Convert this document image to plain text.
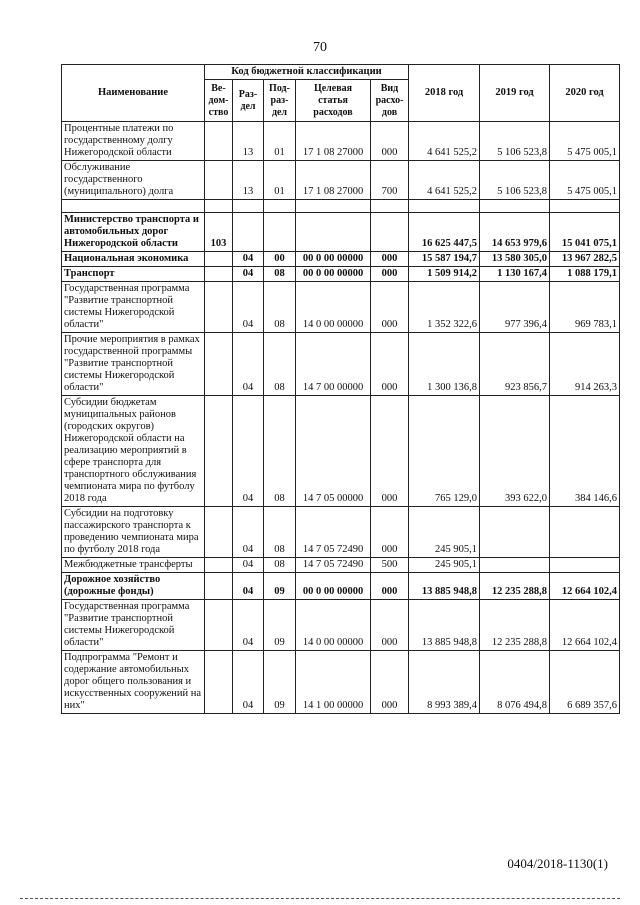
70
Наименование	Код бюджетной классификации					2018 год	2019 год	2020 год
	Ве-дом-ство	Раз-дел	Под-раз-дел	Целевая статья расходов	Вид расхо-дов			
Процентные платежи по государственному долгу Нижегородской области		13	01	17 1 08 27000	000	4 641 525,2	5 106 523,8	5 475 005,1
Обслуживание государственного (муниципального) долга		13	01	17 1 08 27000	700	4 641 525,2	5 106 523,8	5 475 005,1

Министерство транспорта и автомобильных дорог Нижегородской области	103					16 625 447,5	14 653 979,6	15 041 075,1
Национальная экономика		04	00	00 0 00 00000	000	15 587 194,7	13 580 305,0	13 967 282,5
Транспорт		04	08	00 0 00 00000	000	1 509 914,2	1 130 167,4	1 088 179,1
Государственная программа "Развитие транспортной системы Нижегородской области"		04	08	14 0 00 00000	000	1 352 322,6	977 396,4	969 783,1
Прочие мероприятия в рамках государственной программы "Развитие транспортной системы Нижегородской области"		04	08	14 7 00 00000	000	1 300 136,8	923 856,7	914 263,3
Субсидии бюджетам муниципальных районов (городских округов) Нижегородской области на реализацию мероприятий в сфере транспорта для транспортного обслуживания чемпионата мира по футболу 2018 года		04	08	14 7 05 00000	000	765 129,0	393 622,0	384 146,6
Субсидии на подготовку пассажирского транспорта к проведению чемпионата мира по футболу 2018 года		04	08	14 7 05 72490	000	245 905,1		
Межбюджетные трансферты		04	08	14 7 05 72490	500	245 905,1		
Дорожное хозяйство (дорожные фонды)		04	09	00 0 00 00000	000	13 885 948,8	12 235 288,8	12 664 102,4
Государственная программа "Развитие транспортной системы Нижегородской области"		04	09	14 0 00 00000	000	13 885 948,8	12 235 288,8	12 664 102,4
Подпрограмма "Ремонт и содержание автомобильных дорог общего пользования и искусственных сооружений на них"		04	09	14 1 00 00000	000	8 993 389,4	8 076 494,8	6 689 357,6
0404/2018-1130(1)
